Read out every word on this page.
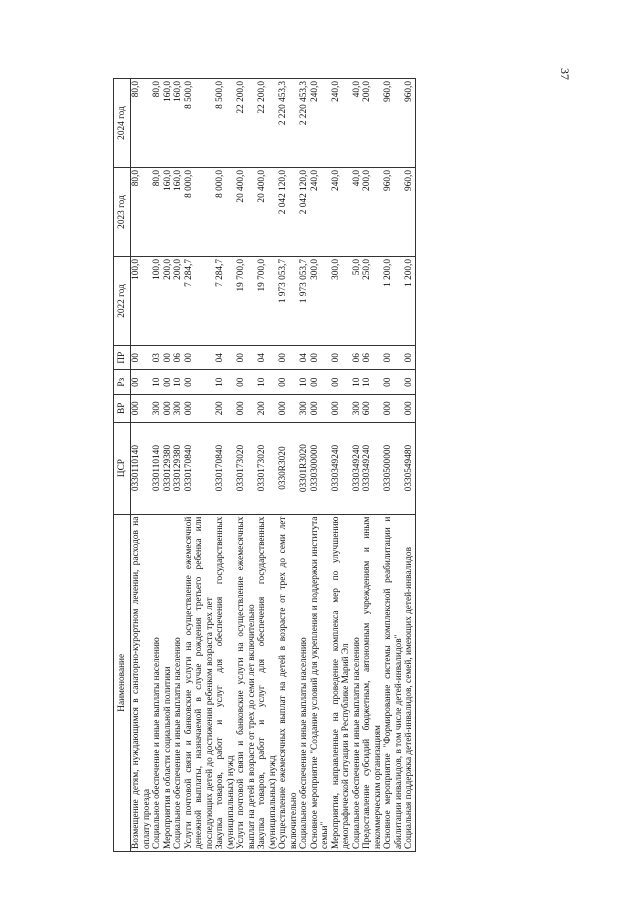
37
Наименование	ЦСР	ВР	Рз	ПР	2022 год	2023 год	2024 год
Возмещение детям, нуждающимся в санаторно-курортном лечении, расходов на оплату проезда	0330110140	000	00	00	100,0	80,0	80,0
Социальное обеспечение и иные выплаты населению	0330110140	300	10	03	100,0	80,0	80,0
Мероприятия в области социальной политики	0330129380	000	00	00	200,0	160,0	160,0
Социальное обеспечение и иные выплаты населению	0330129380	300	10	06	200,0	160,0	160,0
Услуги почтовой связи и банковские услуги на осуществление ежемесячной денежной выплаты, назначаемой в случае рождения третьего ребенка или последующих детей до достижения ребенком возраста трех лет	0330170840	000	00	00	7 284,7	8 000,0	8 500,0
Закупка товаров, работ и услуг для обеспечения государственных (муниципальных) нужд	0330170840	200	10	04	7 284,7	8 000,0	8 500,0
Услуги почтовой связи и банковские услуги на осуществление ежемесячных выплат на детей в возрасте от трех до семи лет включительно	0330173020	000	00	00	19 700,0	20 400,0	22 200,0
Закупка товаров, работ и услуг для обеспечения государственных (муниципальных) нужд	0330173020	200	10	04	19 700,0	20 400,0	22 200,0
Осуществление ежемесячных выплат на детей в возрасте от трех до семи лет включительно	0330R3020	000	00	00	1 973 053,7	2 042 120,0	2 220 453,3
Социальное обеспечение и иные выплаты населению	03301R3020	300	10	04	1 973 053,7	2 042 120,0	2 220 453,3
Основное мероприятие "Создание условий для укрепления и поддержки института семьи"	0330300000	000	00	00	300,0	240,0	240,0
Мероприятия, направленные на проведение комплекса мер по улучшению демографической ситуации в Республике Марий Эл	0330349240	000	00	00	300,0	240,0	240,0
Социальное обеспечение и иные выплаты населению	0330349240	300	10	06	50,0	40,0	40,0
Предоставление субсидий бюджетным, автономным учреждениям и иным некоммерческим организациям	0330349240	600	10	06	250,0	200,0	200,0
Основное мероприятие "Формирование системы комплексной реабилитации и абилитации инвалидов, в том числе детей-инвалидов"	0330500000	000	00	00	1 200,0	960,0	960,0
Социальная поддержка детей-инвалидов, семей, имеющих детей-инвалидов	0330549480	000	00	00	1 200,0	960,0	960,0
